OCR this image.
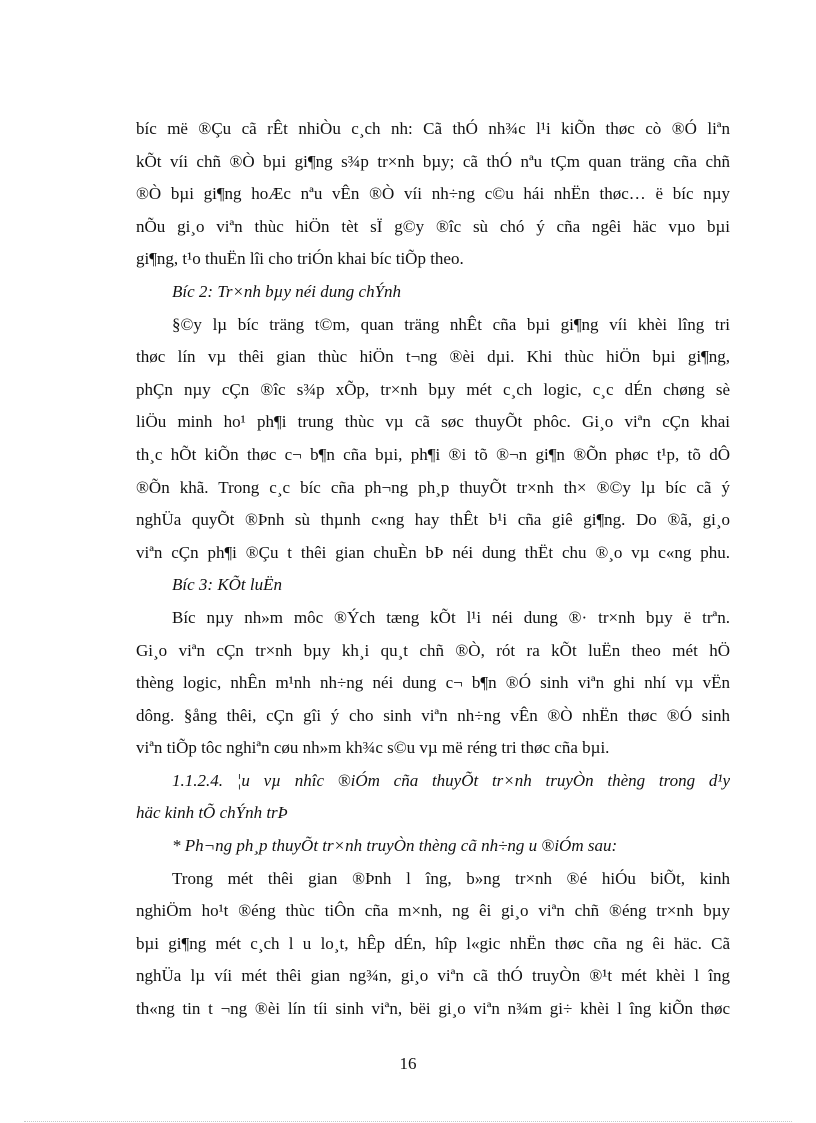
bíc më ®Çu cã rÊt nhiÒu c¸ch nh: Cã thÓ nh¾c l¹i kiÕn thøc cò ®Ó liªn
kÕt víi chñ ®Ò bµi gi¶ng s¾p tr×nh bµy; cã thÓ nªu tÇm quan träng cña chñ
®Ò bµi gi¶ng hoÆc nªu vÊn ®Ò víi nh÷ng c©u hái nhËn thøc… ë bíc nµy
nÕu gi¸o viªn thùc hiÖn tèt sÏ g©y ®îc sù chó ý cña ngêi häc vµo bµi
gi¶ng, t¹o thuËn lîi cho triÓn khai bíc tiÕp theo.
Bíc 2: Tr×nh bµy néi dung chÝnh
§©y lµ bíc träng t©m, quan träng nhÊt cña bµi gi¶ng víi khèi lîng tri
thøc lín vµ thêi gian thùc hiÖn t¬ng ®èi dµi. Khi thùc hiÖn bµi gi¶ng,
phÇn nµy cÇn ®îc s¾p xÕp, tr×nh bµy mét c¸ch logic, c¸c dÉn chøng sè
liÖu minh ho¹ ph¶i trung thùc vµ cã søc thuyÕt phôc. Gi¸o viªn cÇn khai
th¸c hÕt kiÕn thøc c¬ b¶n cña bµi, ph¶i ®i tõ ®¬n gi¶n ®Õn phøc t¹p, tõ dÔ
®Õn khã. Trong c¸c bíc cña ph¬ng ph¸p thuyÕt tr×nh th× ®©y lµ bíc cã ý
nghÜa quyÕt ®Þnh sù thµnh c«ng hay thÊt b¹i cña giê gi¶ng. Do ®ã, gi¸o
viªn cÇn ph¶i ®Çu t thêi gian chuÈn bÞ néi dung thËt chu ®¸o vµ c«ng phu.
Bíc 3: KÕt luËn
Bíc nµy nh»m môc ®Ých tæng kÕt l¹i néi dung ®· tr×nh bµy ë trªn.
Gi¸o viªn cÇn tr×nh bµy kh¸i qu¸t chñ ®Ò, rót ra kÕt luËn theo mét hÖ
thèng logic, nhÊn m¹nh nh÷ng néi dung c¬ b¶n ®Ó sinh viªn ghi nhí vµ vËn
dông. §ång thêi, cÇn gîi ý cho sinh viªn nh÷ng vÊn ®Ò nhËn thøc ®Ó sinh
viªn tiÕp tôc nghiªn cøu nh»m kh¾c s©u vµ më réng tri thøc cña bµi.
1.1.2.4. ¦u vµ nhîc ®iÓm cña thuyÕt tr×nh truyÒn thèng trong d¹y
häc kinh tÕ chÝnh trÞ
* Ph¬ng ph¸p thuyÕt tr×nh truyÒn thèng cã nh÷ng u ®iÓm sau:
Trong mét thêi gian ®Þnh l îng, b»ng tr×nh ®é hiÓu biÕt, kinh
nghiÖm ho¹t ®éng thùc tiÔn cña m×nh, ng êi gi¸o viªn chñ ®éng tr×nh bµy
bµi gi¶ng mét c¸ch l u lo¸t, hÊp dÉn, hîp l«gic nhËn thøc cña ng êi häc. Cã
nghÜa lµ víi mét thêi gian ng¾n, gi¸o viªn cã thÓ truyÒn ®¹t mét khèi l îng
th«ng tin t ¬ng ®èi lín tíi sinh viªn, bëi gi¸o viªn n¾m gi÷ khèi l îng kiÕn thøc
16
